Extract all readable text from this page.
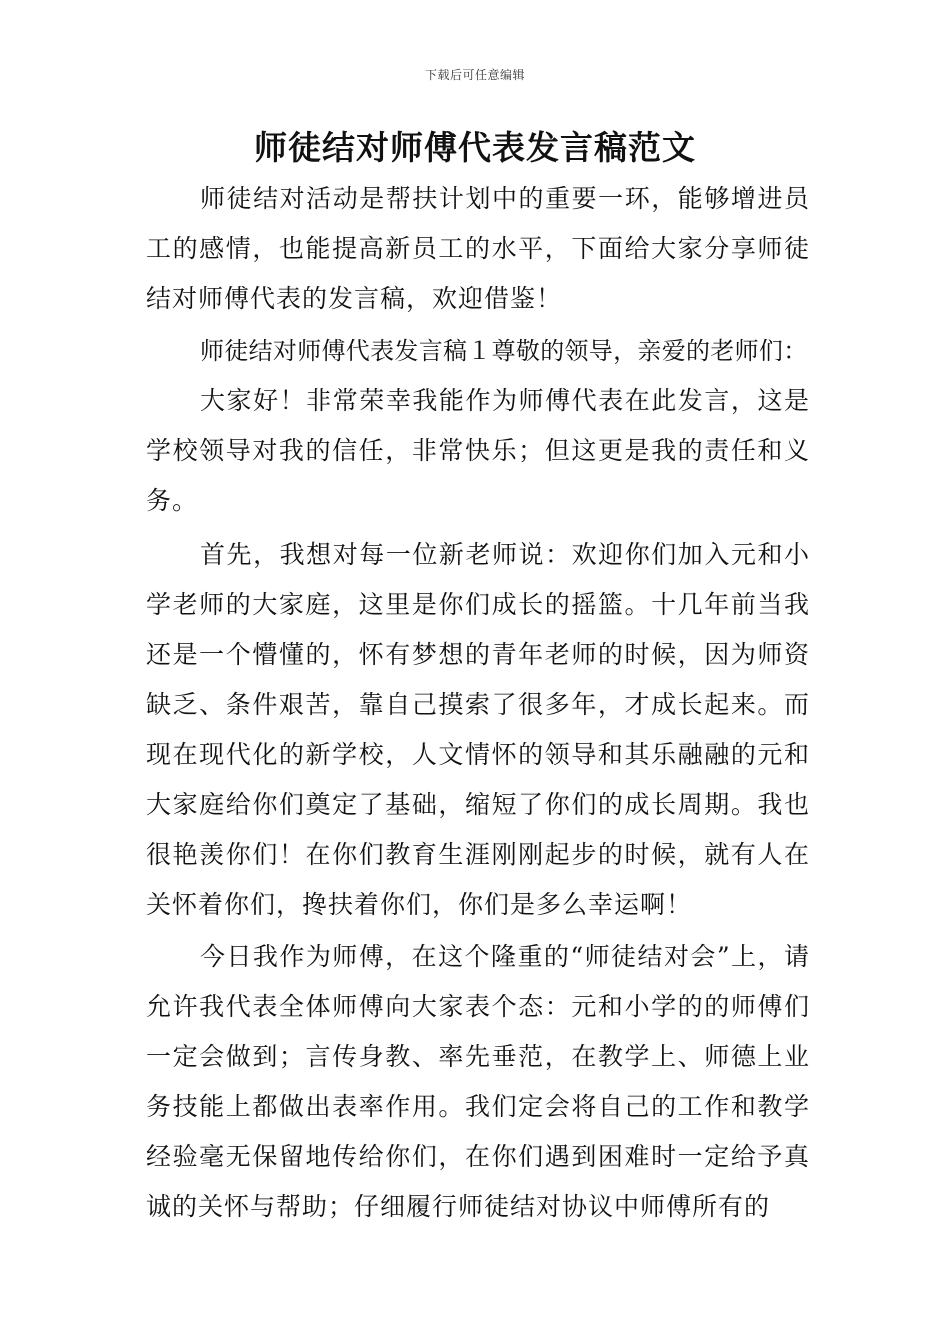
下载后可任意编辑
师徒结对师傅代表发言稿范文

师徒结对活动是帮扶计划中的重要一环，能够增进员工的感情，也能提高新员工的水平，下面给大家分享师徒结对师傅代表的发言稿，欢迎借鉴！

师徒结对师傅代表发言稿１尊敬的领导，亲爱的老师们：

大家好！非常荣幸我能作为师傅代表在此发言，这是学校领导对我的信任，非常快乐；但这更是我的责任和义务。

首先，我想对每一位新老师说：欢迎你们加入元和小学老师的大家庭，这里是你们成长的摇篮。十几年前当我还是一个懵懂的，怀有梦想的青年老师的时候，因为师资缺乏、条件艰苦，靠自己摸索了很多年，才成长起来。而现在现代化的新学校，人文情怀的领导和其乐融融的元和大家庭给你们奠定了基础，缩短了你们的成长周期。我也很艳羡你们！在你们教育生涯刚刚起步的时候，就有人在关怀着你们，搀扶着你们，你们是多么幸运啊！

今日我作为师傅，在这个隆重的“师徒结对会”上，请允许我代表全体师傅向大家表个态：元和小学的的师傅们一定会做到；言传身教、率先垂范，在教学上、师德上业务技能上都做出表率作用。我们定会将自己的工作和教学经验毫无保留地传给你们，在你们遇到困难时一定给予真诚的关怀与帮助；仔细履行师徒结对协议中师傅所有的
